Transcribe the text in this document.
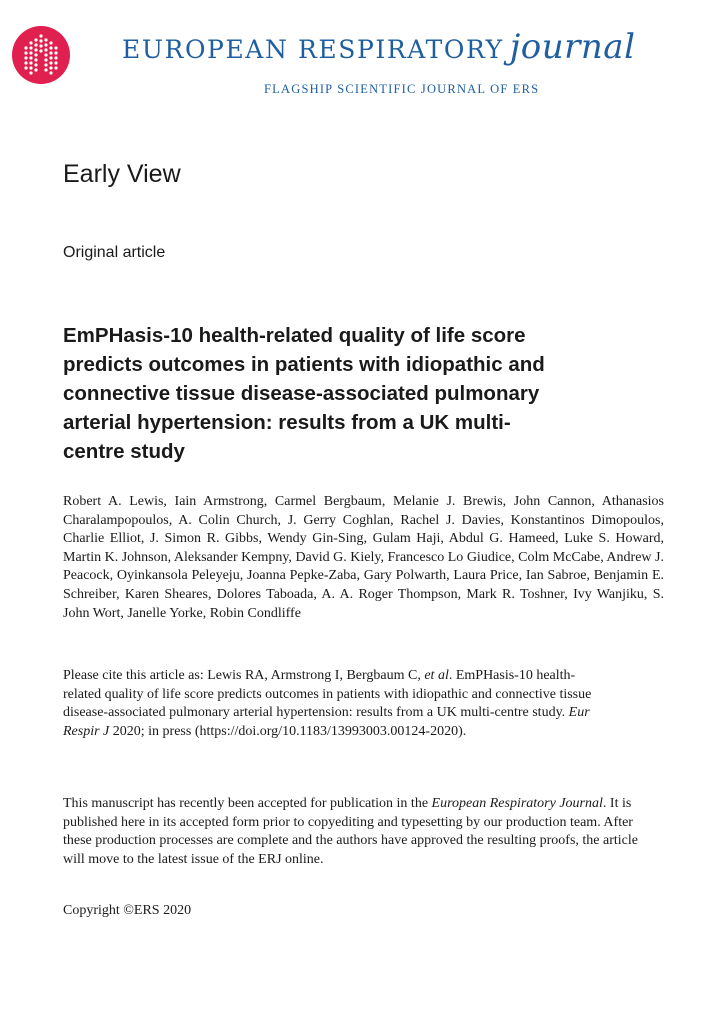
EUROPEAN RESPIRATORY journal
FLAGSHIP SCIENTIFIC JOURNAL OF ERS
Early View
Original article
EmPHasis-10 health-related quality of life score
predicts outcomes in patients with idiopathic and
connective tissue disease-associated pulmonary
arterial hypertension: results from a UK multi-
centre study

Robert A. Lewis, Iain Armstrong, Carmel Bergbaum, Melanie J. Brewis, John Cannon, Athanasios Charalampopoulos, A. Colin Church, J. Gerry Coghlan, Rachel J. Davies, Konstantinos Dimopoulos, Charlie Elliot, J. Simon R. Gibbs, Wendy Gin-Sing, Gulam Haji, Abdul G. Hameed, Luke S. Howard, Martin K. Johnson, Aleksander Kempny, David G. Kiely, Francesco Lo Giudice, Colm McCabe, Andrew J. Peacock, Oyinkansola Peleyeju, Joanna Pepke-Zaba, Gary Polwarth, Laura Price, Ian Sabroe, Benjamin E. Schreiber, Karen Sheares, Dolores Taboada, A. A. Roger Thompson, Mark R. Toshner, Ivy Wanjiku, S. John Wort, Janelle Yorke, Robin Condliffe

Please cite this article as: Lewis RA, Armstrong I, Bergbaum C, et al. EmPHasis-10 health-
related quality of life score predicts outcomes in patients with idiopathic and connective tissue
disease-associated pulmonary arterial hypertension: results from a UK multi-centre study. Eur
Respir J 2020; in press (https://doi.org/10.1183/13993003.00124-2020).

This manuscript has recently been accepted for publication in the European Respiratory Journal. It is
published here in its accepted form prior to copyediting and typesetting by our production team. After
these production processes are complete and the authors have approved the resulting proofs, the article
will move to the latest issue of the ERJ online.

Copyright ©ERS 2020
